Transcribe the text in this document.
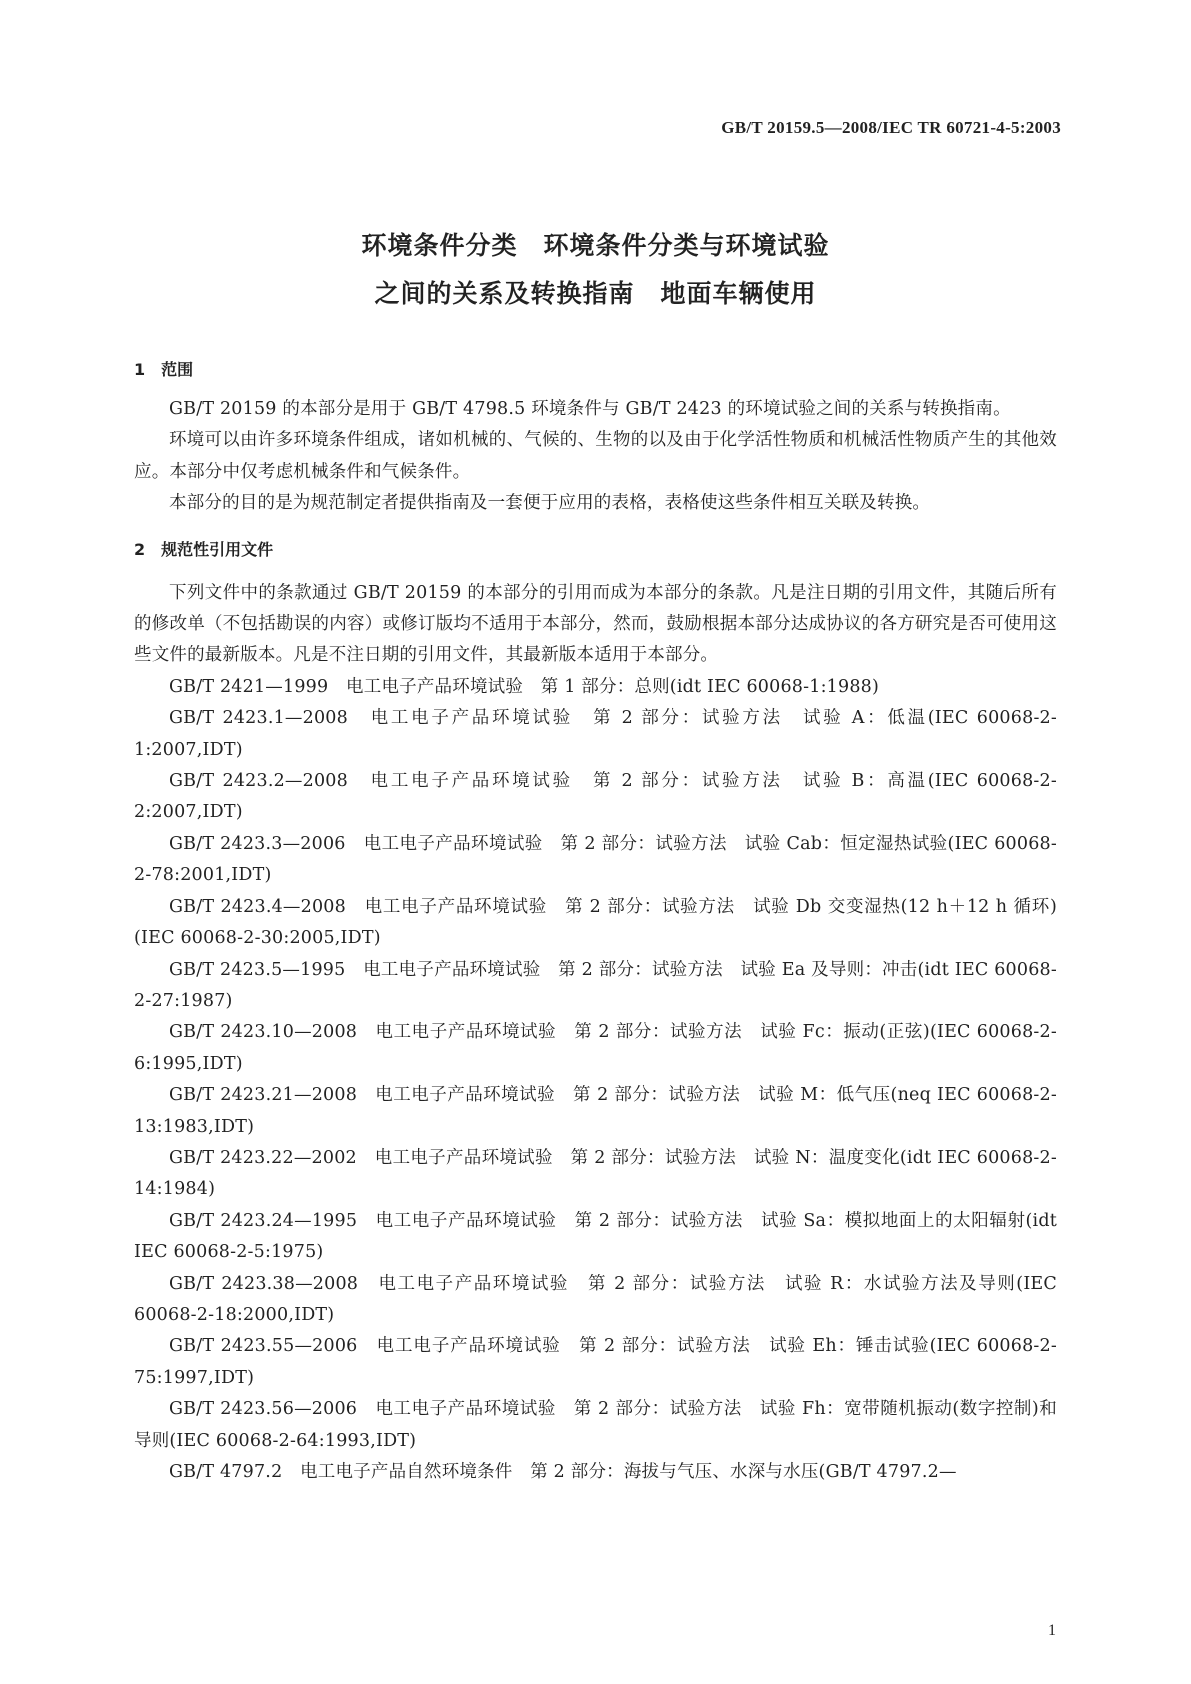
GB/T 20159.5—2008/IEC TR 60721-4-5:2003
环境条件分类　环境条件分类与环境试验
之间的关系及转换指南　地面车辆使用
1　范围

GB/T 20159 的本部分是用于 GB/T 4798.5 环境条件与 GB/T 2423 的环境试验之间的关系与转换指南。

环境可以由许多环境条件组成，诸如机械的、气候的、生物的以及由于化学活性物质和机械活性物质产生的其他效应。本部分中仅考虑机械条件和气候条件。

本部分的目的是为规范制定者提供指南及一套便于应用的表格，表格使这些条件相互关联及转换。

2　规范性引用文件

下列文件中的条款通过 GB/T 20159 的本部分的引用而成为本部分的条款。凡是注日期的引用文件，其随后所有的修改单（不包括勘误的内容）或修订版均不适用于本部分，然而，鼓励根据本部分达成协议的各方研究是否可使用这些文件的最新版本。凡是不注日期的引用文件，其最新版本适用于本部分。

GB/T 2421—1999　电工电子产品环境试验　第 1 部分：总则(idt IEC 60068-1:1988)

GB/T 2423.1—2008　电工电子产品环境试验　第 2 部分：试验方法　试验 A：低温(IEC 60068-2-1:2007,IDT)

GB/T 2423.2—2008　电工电子产品环境试验　第 2 部分：试验方法　试验 B：高温(IEC 60068-2-2:2007,IDT)

GB/T 2423.3—2006　电工电子产品环境试验　第 2 部分：试验方法　试验 Cab：恒定湿热试验(IEC 60068-2-78:2001,IDT)

GB/T 2423.4—2008　电工电子产品环境试验　第 2 部分：试验方法　试验 Db 交变湿热(12 h＋12 h 循环)(IEC 60068-2-30:2005,IDT)

GB/T 2423.5—1995　电工电子产品环境试验　第 2 部分：试验方法　试验 Ea 及导则：冲击(idt IEC 60068-2-27:1987)

GB/T 2423.10—2008　电工电子产品环境试验　第 2 部分：试验方法　试验 Fc：振动(正弦)(IEC 60068-2-6:1995,IDT)

GB/T 2423.21—2008　电工电子产品环境试验　第 2 部分：试验方法　试验 M：低气压(neq IEC 60068-2-13:1983,IDT)

GB/T 2423.22—2002　电工电子产品环境试验　第 2 部分：试验方法　试验 N：温度变化(idt IEC 60068-2-14:1984)

GB/T 2423.24—1995　电工电子产品环境试验　第 2 部分：试验方法　试验 Sa：模拟地面上的太阳辐射(idt IEC 60068-2-5:1975)

GB/T 2423.38—2008　电工电子产品环境试验　第 2 部分：试验方法　试验 R：水试验方法及导则(IEC 60068-2-18:2000,IDT)

GB/T 2423.55—2006　电工电子产品环境试验　第 2 部分：试验方法　试验 Eh：锤击试验(IEC 60068-2-75:1997,IDT)

GB/T 2423.56—2006　电工电子产品环境试验　第 2 部分：试验方法　试验 Fh：宽带随机振动(数字控制)和导则(IEC 60068-2-64:1993,IDT)

GB/T 4797.2　电工电子产品自然环境条件　第 2 部分：海拔与气压、水深与水压(GB/T 4797.2—

1
